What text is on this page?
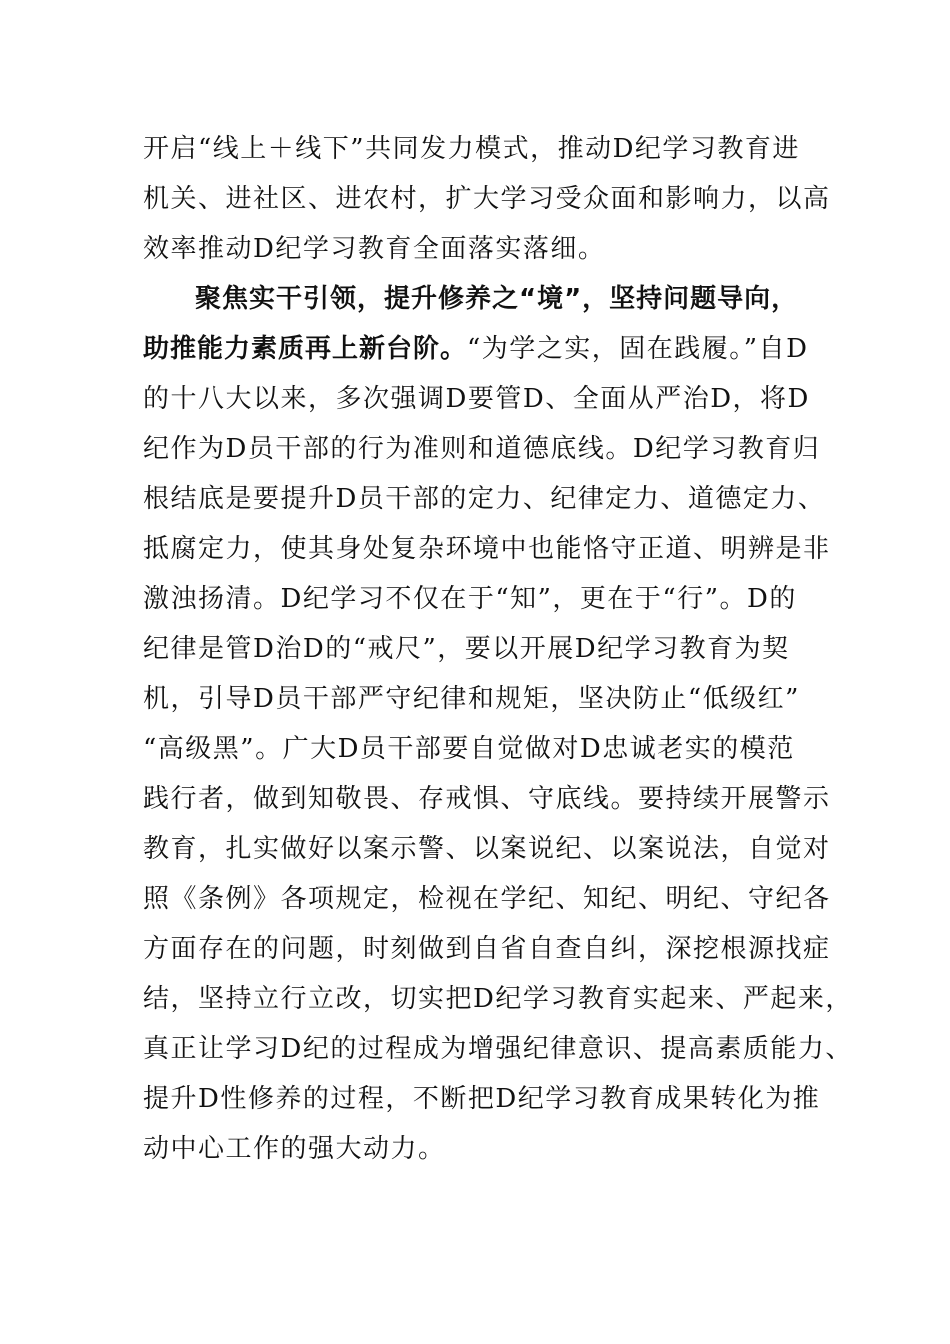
开启“线上＋线下”共同发力模式，推动D纪学习教育进
机关、进社区、进农村，扩大学习受众面和影响力，以高
效率推动D纪学习教育全面落实落细。
聚焦实干引领，提升修养之“境”，坚持问题导向，
助推能力素质再上新台阶。“为学之实，固在践履。”自D
的十八大以来，多次强调D要管D、全面从严治D，将D
纪作为D员干部的行为准则和道德底线。D纪学习教育归
根结底是要提升D员干部的定力、纪律定力、道德定力、
抵腐定力，使其身处复杂环境中也能恪守正道、明辨是非
激浊扬清。D纪学习不仅在于“知”，更在于“行”。D的
纪律是管D治D的“戒尺”，要以开展D纪学习教育为契
机，引导D员干部严守纪律和规矩，坚决防止“低级红”
“高级黑”。广大D员干部要自觉做对D忠诚老实的模范
践行者，做到知敬畏、存戒惧、守底线。要持续开展警示
教育，扎实做好以案示警、以案说纪、以案说法，自觉对
照《条例》各项规定，检视在学纪、知纪、明纪、守纪各
方面存在的问题，时刻做到自省自查自纠，深挖根源找症
结，坚持立行立改，切实把D纪学习教育实起来、严起来，
真正让学习D纪的过程成为增强纪律意识、提高素质能力、
提升D性修养的过程，不断把D纪学习教育成果转化为推
动中心工作的强大动力。
